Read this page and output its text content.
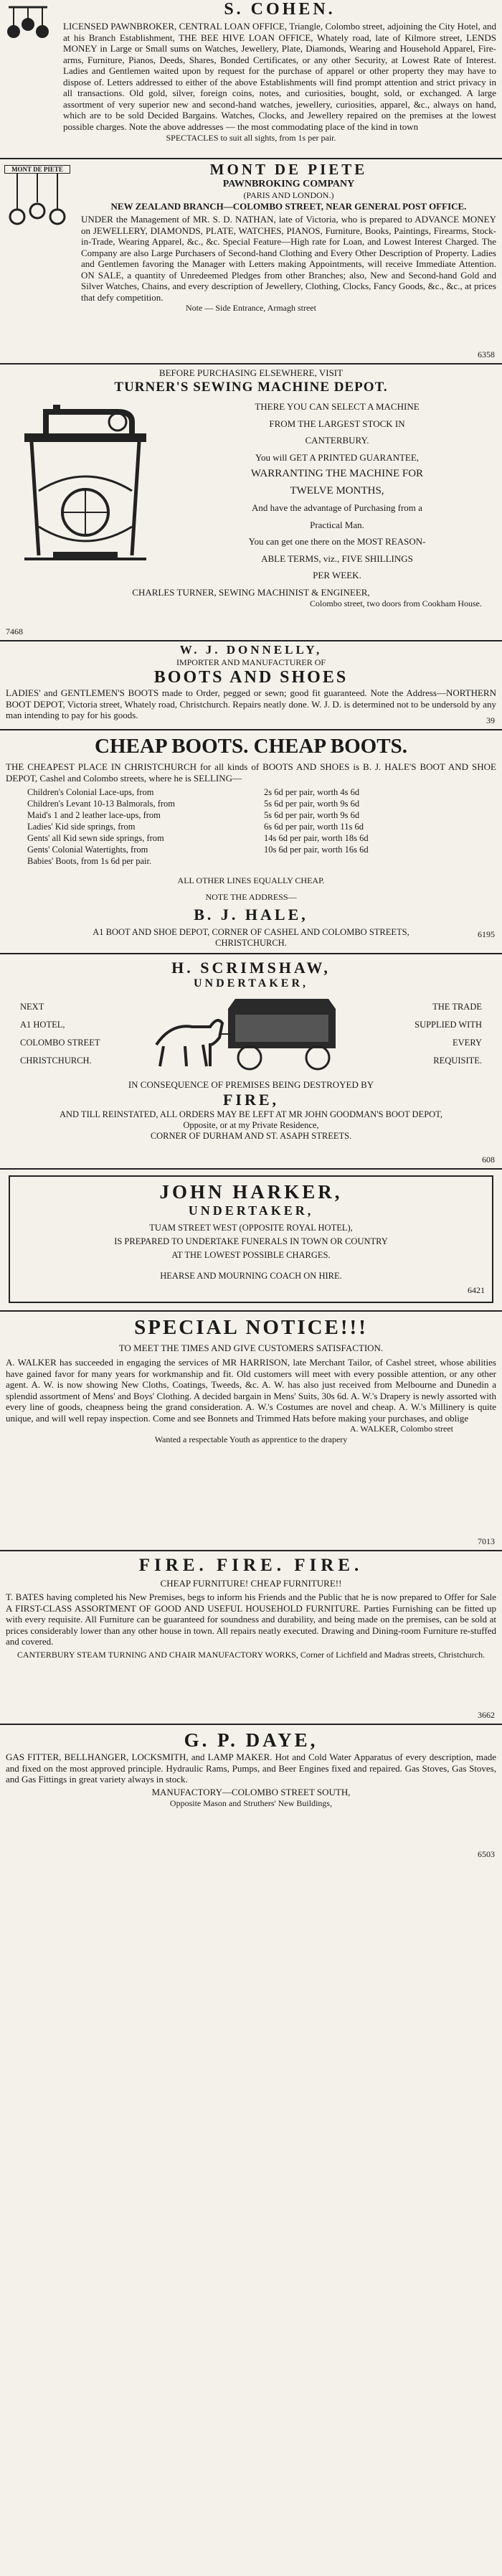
S. COHEN.
LICENSED PAWNBROKER, CENTRAL LOAN OFFICE, Triangle, Colombo street, adjoining the City Hotel, and at his Branch Establishment, THE BEE HIVE LOAN OFFICE, Whately road, late of Kilmore street, LENDS MONEY in Large or Small sums on Watches, Jewellery, Plate, Diamonds, Wearing and Household Apparel, Fire-arms, Furniture, Pianos, Deeds, Shares, Bonded Certificates, or any other Security, at Lowest Rate of Interest. Ladies and Gentlemen waited upon by request for the purchase of apparel or other property they may have to dispose of. Letters addressed to either of the above Establishments will find prompt attention and strict privacy in all transactions. Old gold, silver, foreign coins, notes, and curiosities, bought, sold, or exchanged. A large assortment of very superior new and second-hand watches, jewellery, curiosities, apparel, &c., always on hand, which are to be sold Decided Bargains. Watches, Clocks, and Jewellery repaired on the premises at the lowest possible charges. Note the above addresses — the most commodating place of the kind in town
SPECTACLES to suit all sights, from 1s per pair.
MONT DE PIETE	MONT DE PIETE
PAWNBROKING COMPANY
(PARIS AND LONDON.)
NEW ZEALAND BRANCH—COLOMBO STREET, NEAR GENERAL POST OFFICE.
UNDER the Management of MR. S. D. NATHAN, late of Victoria, who is prepared to ADVANCE MONEY on JEWELLERY, DIAMONDS, PLATE, WATCHES, PIANOS, Furniture, Books, Paintings, Firearms, Stock-in-Trade, Wearing Apparel, &c., &c. Special Feature—High rate for Loan, and Lowest Interest Charged. The Company are also Large Purchasers of Second-hand Clothing and Every Other Description of Property. Ladies and Gentlemen favoring the Manager with Letters making Appointments, will receive Immediate Attention. ON SALE, a quantity of Unredeemed Pledges from other Branches; also, New and Second-hand Gold and Silver Watches, Chains, and every description of Jewellery, Clothing, Clocks, Fancy Goods, &c., &c., at prices that defy competition.
Note — Side Entrance, Armagh street
6358
BEFORE PURCHASING ELSEWHERE, VISIT
TURNER'S SEWING MACHINE DEPOT.
THERE YOU CAN SELECT A MACHINE
FROM THE LARGEST STOCK IN
CANTERBURY.
You will GET A PRINTED GUARANTEE,
WARRANTING THE MACHINE FOR
TWELVE MONTHS,
And have the advantage of Purchasing from a
Practical Man.
You can get one there on the MOST REASON-
ABLE TERMS, viz., FIVE SHILLINGS
PER WEEK.
CHARLES TURNER, SEWING MACHINIST & ENGINEER,
Colombo street, two doors from Cookham House.
7468
W. J. DONNELLY,
IMPORTER AND MANUFACTURER OF
BOOTS AND SHOES
LADIES' and GENTLEMEN'S BOOTS made to Order, pegged or sewn; good fit guaranteed. Note the Address—NORTHERN BOOT DEPOT, Victoria street, Whately road, Christchurch. Repairs neatly done. W. J. D. is determined not to be undersold by any man intending to pay for his goods.	39
CHEAP BOOTS. CHEAP BOOTS.
THE CHEAPEST PLACE IN CHRISTCHURCH for all kinds of BOOTS AND SHOES is B. J. HALE'S BOOT AND SHOE DEPOT, Cashel and Colombo streets, where he is SELLING—
Children's Colonial Lace-ups, from	2s 6d per pair, worth 4s 6d
Children's Levant 10-13 Balmorals, from	5s 6d per pair, worth 9s 6d
Maid's 1 and 2 leather lace-ups, from	5s 6d per pair, worth 9s 6d
Ladies' Kid side springs, from	6s 6d per pair, worth 11s 6d
Gents' all Kid sewn side springs, from	14s 6d per pair, worth 18s 6d
Gents' Colonial Watertights, from	10s 6d per pair, worth 16s 6d
Babies' Boots, from 1s 6d per pair.
ALL OTHER LINES EQUALLY CHEAP.
NOTE THE ADDRESS—
B. J. HALE,
A1 BOOT AND SHOE DEPOT, CORNER OF CASHEL AND COLOMBO STREETS,
CHRISTCHURCH.
6195
H. SCRIMSHAW,
UNDERTAKER,
NEXT
A1 HOTEL,
COLOMBO STREET
CHRISTCHURCH.
THE TRADE
SUPPLIED WITH
EVERY
REQUISITE.
IN CONSEQUENCE OF PREMISES BEING DESTROYED BY
FIRE,
AND TILL REINSTATED, ALL ORDERS MAY BE LEFT AT MR JOHN GOODMAN'S BOOT DEPOT,
Opposite, or at my Private Residence,
CORNER OF DURHAM AND ST. ASAPH STREETS.
608
JOHN HARKER,
UNDERTAKER,
TUAM STREET WEST (OPPOSITE ROYAL HOTEL),
IS PREPARED TO UNDERTAKE FUNERALS IN TOWN OR COUNTRY
AT THE LOWEST POSSIBLE CHARGES.
HEARSE AND MOURNING COACH ON HIRE.
6421
SPECIAL NOTICE!!!
TO MEET THE TIMES AND GIVE CUSTOMERS SATISFACTION.
A. WALKER has succeeded in engaging the services of MR HARRISON, late Merchant Tailor, of Cashel street, whose abilities have gained favor for many years for workmanship and fit. Old customers will meet with every possible attention, or any other agent. A. W. is now showing New Cloths, Coatings, Tweeds, &c. A. W. has also just received from Melbourne and Dunedin a splendid assortment of Mens' and Boys' Clothing. A decided bargain in Mens' Suits, 30s 6d. A. W.'s Drapery is newly assorted with every line of goods, cheapness being the grand consideration. A. W.'s Costumes are novel and cheap. A. W.'s Millinery is quite unique, and will well repay inspection. Come and see Bonnets and Trimmed Hats before making your purchases, and oblige
A. WALKER, Colombo street
Wanted a respectable Youth as apprentice to the drapery
7013
FIRE. FIRE. FIRE.
CHEAP FURNITURE! CHEAP FURNITURE!!
T. BATES having completed his New Premises, begs to inform his Friends and the Public that he is now prepared to Offer for Sale A FIRST-CLASS ASSORTMENT OF GOOD AND USEFUL HOUSEHOLD FURNITURE. Parties Furnishing can be fitted up with every requisite. All Furniture can be guaranteed for soundness and durability, and being made on the premises, can be sold at prices considerably lower than any other house in town. All repairs neatly executed. Drawing and Dining-room Furniture re-stuffed and covered.
CANTERBURY STEAM TURNING AND CHAIR MANUFACTORY WORKS, Corner of Lichfield and Madras streets, Christchurch.
3662
G. P. DAYE,
GAS FITTER, BELLHANGER, LOCKSMITH, and LAMP MAKER. Hot and Cold Water Apparatus of every description, made and fixed on the most approved principle. Hydraulic Rams, Pumps, and Beer Engines fixed and repaired. Gas Stoves, Gas Stoves, and Gas Fittings in great variety always in stock.
MANUFACTORY—COLOMBO STREET SOUTH,
Opposite Mason and Struthers' New Buildings,
6503
